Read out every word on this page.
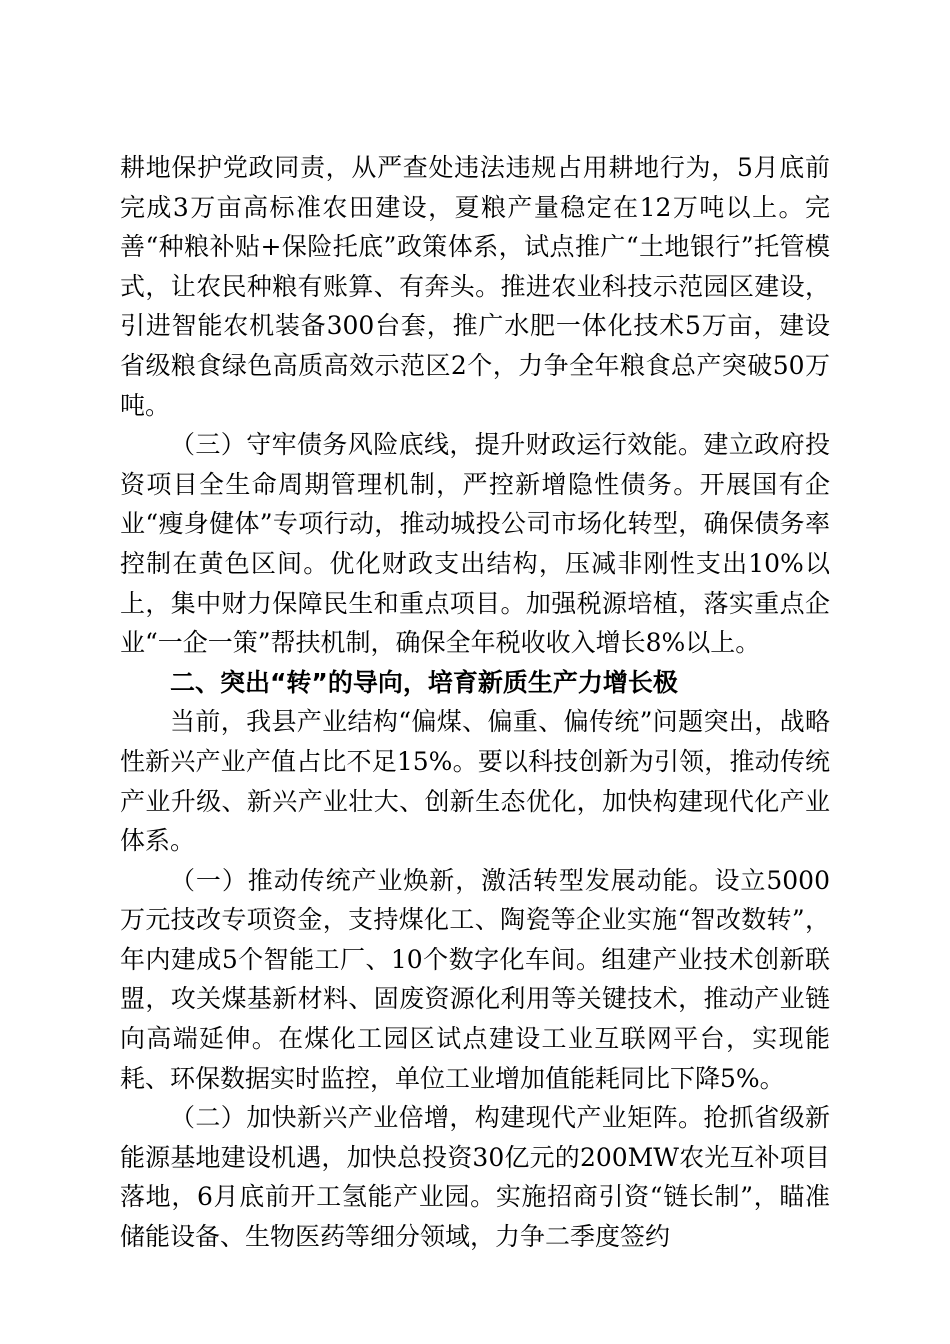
耕地保护党政同责，从严查处违法违规占用耕地行为，5月底前完成3万亩高标准农田建设，夏粮产量稳定在12万吨以上。完善“种粮补贴+保险托底”政策体系，试点推广“土地银行”托管模式，让农民种粮有账算、有奔头。推进农业科技示范园区建设，引进智能农机装备300台套，推广水肥一体化技术5万亩，建设省级粮食绿色高质高效示范区2个，力争全年粮食总产突破50万吨。

（三）守牢债务风险底线，提升财政运行效能。建立政府投资项目全生命周期管理机制，严控新增隐性债务。开展国有企业“瘦身健体”专项行动，推动城投公司市场化转型，确保债务率控制在黄色区间。优化财政支出结构，压减非刚性支出10%以上，集中财力保障民生和重点项目。加强税源培植，落实重点企业“一企一策”帮扶机制，确保全年税收收入增长8%以上。

二、突出“转”的导向，培育新质生产力增长极

当前，我县产业结构“偏煤、偏重、偏传统”问题突出，战略性新兴产业产值占比不足15%。要以科技创新为引领，推动传统产业升级、新兴产业壮大、创新生态优化，加快构建现代化产业体系。

（一）推动传统产业焕新，激活转型发展动能。设立5000万元技改专项资金，支持煤化工、陶瓷等企业实施“智改数转”，年内建成5个智能工厂、10个数字化车间。组建产业技术创新联盟，攻关煤基新材料、固废资源化利用等关键技术，推动产业链向高端延伸。在煤化工园区试点建设工业互联网平台，实现能耗、环保数据实时监控，单位工业增加值能耗同比下降5%。

（二）加快新兴产业倍增，构建现代产业矩阵。抢抓省级新能源基地建设机遇，加快总投资30亿元的200MW农光互补项目落地，6月底前开工氢能产业园。实施招商引资“链长制”，瞄准储能设备、生物医药等细分领域，力争二季度签约
